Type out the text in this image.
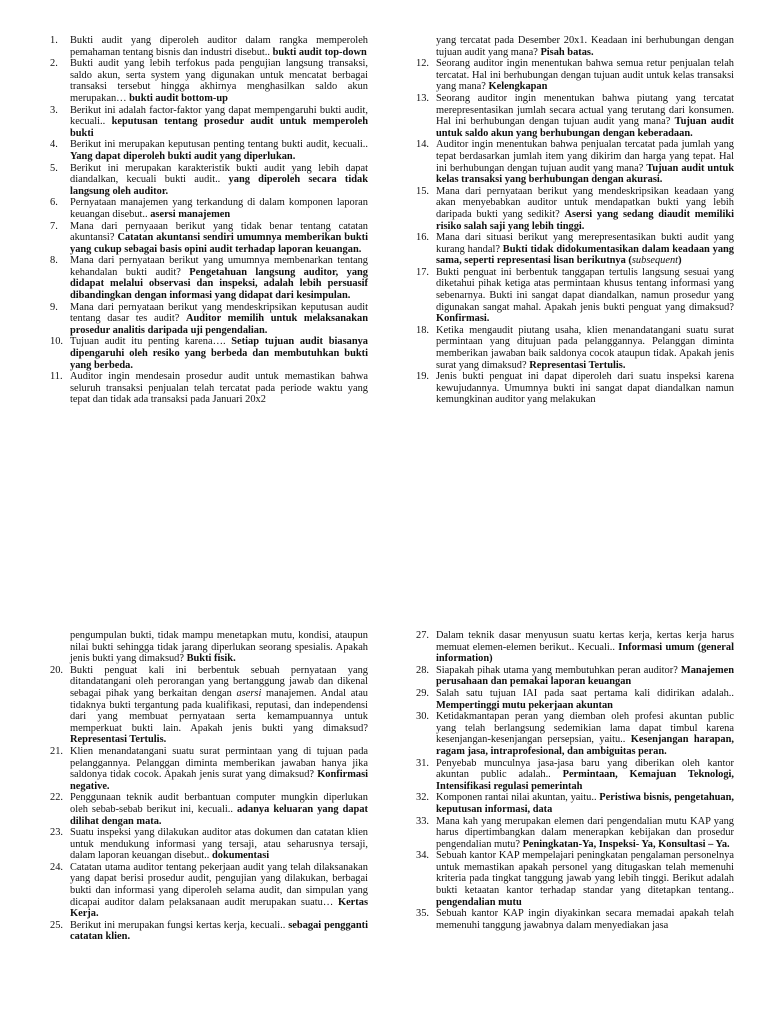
1.	Bukti audit yang diperoleh auditor dalam rangka memperoleh pemahaman tentang bisnis dan industri disebut.. bukti audit top-down

2.	Bukti audit yang lebih terfokus pada pengujian langsung transaksi, saldo akun, serta system yang digunakan untuk mencatat berbagai transaksi tersebut hingga akhirnya menghasilkan saldo akun merupakan… bukti audit bottom-up

3.	Berikut ini adalah factor-faktor yang dapat mempengaruhi bukti audit, kecuali.. keputusan tentang prosedur audit untuk memperoleh bukti

4.	Berikut ini merupakan keputusan penting tentang bukti audit, kecuali.. Yang dapat diperoleh bukti audit yang diperlukan.

5.	Berikut ini merupakan karakteristik bukti audit yang lebih dapat diandalkan, kecuali bukti audit.. yang diperoleh secara tidak langsung oleh auditor.

6.	Pernyataan manajemen yang terkandung di dalam komponen laporan keuangan disebut.. asersi manajemen

7.	Mana dari pernyaaan berikut yang tidak benar tentang catatan akuntansi? Catatan akuntansi sendiri umumnya memberikan bukti yang cukup sebagai basis opini audit terhadap laporan keuangan.

8.	Mana dari pernyataan berikut yang umumnya membenarkan tentang kehandalan bukti audit? Pengetahuan langsung auditor, yang didapat melalui observasi dan inspeksi, adalah lebih persuasif dibandingkan dengan informasi yang didapat dari kesimpulan.

9.	Mana dari pernyataan berikut yang mendeskripsikan keputusan audit tentang dasar tes audit? Auditor memilih untuk melaksanakan prosedur analitis daripada uji pengendalian.

10. Tujuan audit itu penting karena…. Setiap tujuan audit biasanya dipengaruhi oleh resiko yang berbeda dan membutuhkan bukti yang berbeda.

11. Auditor ingin mendesain prosedur audit untuk memastikan bahwa seluruh transaksi penjualan telah tercatat pada periode waktu yang tepat dan tidak ada transaksi pada Januari 20x2

yang tercatat pada Desember 20x1. Keadaan ini berhubungan dengan tujuan audit yang mana? Pisah batas.

12. Seorang auditor ingin menentukan bahwa semua retur penjualan telah tercatat. Hal ini berhubungan dengan tujuan audit untuk kelas transaksi yang mana? Kelengkapan

13. Seorang auditor ingin menentukan bahwa piutang yang tercatat merepresentasikan jumlah secara actual yang terutang dari konsumen. Hal ini berhubungan dengan tujuan audit yang mana? Tujuan audit untuk saldo akun yang berhubungan dengan keberadaan.

14. Auditor ingin menentukan bahwa penjualan tercatat pada jumlah yang tepat berdasarkan jumlah item yang dikirim dan harga yang tepat. Hal ini berhubungan dengan tujuan audit yang mana? Tujuan audit untuk kelas transaksi yang berhubungan dengan akurasi.

15. Mana dari pernyataan berikut yang mendeskripsikan keadaan yang akan menyebabkan auditor untuk mendapatkan bukti yang lebih daripada bukti yang sedikit? Asersi yang sedang diaudit memiliki risiko salah saji yang lebih tinggi.

16. Mana dari situasi berikut yang merepresentasikan bukti audit yang kurang handal? Bukti tidak didokumentasikan dalam keadaan yang sama, seperti representasi lisan berikutnya (subsequent)

17. Bukti penguat ini berbentuk tanggapan tertulis langsung sesuai yang diketahui pihak ketiga atas permintaan khusus tentang informasi yang sebenarnya. Bukti ini sangat dapat diandalkan, namun prosedur yang digunakan sangat mahal. Apakah jenis bukti penguat yang dimaksud? Konfirmasi.

18. Ketika mengaudit piutang usaha, klien menandatangani suatu surat permintaan yang ditujuan pada pelanggannya. Pelanggan diminta memberikan jawaban baik saldonya cocok ataupun tidak. Apakah jenis surat yang dimaksud? Representasi Tertulis.

19. Jenis bukti penguat ini dapat diperoleh dari suatu inspeksi karena kewujudannya. Umumnya bukti ini sangat dapat diandalkan namun kemungkinan auditor yang melakukan

pengumpulan bukti, tidak mampu menetapkan mutu, kondisi, ataupun nilai bukti sehingga tidak jarang diperlukan seorang spesialis. Apakah jenis bukti yang dimaksud? Bukti fisik.

20. Bukti penguat kali ini berbentuk sebuah pernyataan yang ditandatangani oleh perorangan yang bertanggung jawab dan dikenal sebagai pihak yang berkaitan dengan asersi manajemen. Andal atau tidaknya bukti tergantung pada kualifikasi, reputasi, dan independensi dari yang membuat pernyataan serta kemampuannya untuk memperkuat bukti lain. Apakah jenis bukti yang dimaksud? Representasi Tertulis.

21. Klien menandatangani suatu surat permintaan yang di tujuan pada pelanggannya. Pelanggan diminta memberikan jawaban hanya jika saldonya tidak cocok. Apakah jenis surat yang dimaksud? Konfirmasi negative.

22. Penggunaan teknik audit berbantuan computer mungkin diperlukan oleh sebab-sebab berikut ini, kecuali.. adanya keluaran yang dapat dilihat dengan mata.

23. Suatu inspeksi yang dilakukan auditor atas dokumen dan catatan klien untuk mendukung informasi yang tersaji, atau seharusnya tersaji, dalam laporan keuangan disebut.. dokumentasi

24. Catatan utama auditor tentang pekerjaan audit yang telah dilaksanakan yang dapat berisi prosedur audit, pengujian yang dilakukan, berbagai bukti dan informasi yang diperoleh selama audit, dan simpulan yang dicapai auditor dalam pelaksanaan audit merupakan suatu… Kertas Kerja.

25. Berikut ini merupakan fungsi kertas kerja, kecuali.. sebagai pengganti catatan klien.

27. Dalam teknik dasar menyusun suatu kertas kerja, kertas kerja harus memuat elemen-elemen berikut.. Kecuali.. Informasi umum (general information)

28. Siapakah pihak utama yang membutuhkan peran auditor? Manajemen perusahaan dan pemakai laporan keuangan

29. Salah satu tujuan IAI pada saat pertama kali didirikan adalah.. Mempertinggi mutu pekerjaan akuntan

30. Ketidakmantapan peran yang diemban oleh profesi akuntan public yang telah berlangsung sedemikian lama dapat timbul karena kesenjangan-kesenjangan persepsian, yaitu.. Kesenjangan harapan, ragam jasa, intraprofesional, dan ambiguitas peran.

31. Penyebab munculnya jasa-jasa baru yang diberikan oleh kantor akuntan public adalah.. Permintaan, Kemajuan Teknologi, Intensifikasi regulasi pemerintah

32. Komponen rantai nilai akuntan, yaitu.. Peristiwa bisnis, pengetahuan, keputusan informasi, data

33. Mana kah yang merupakan elemen dari pengendalian mutu KAP yang harus dipertimbangkan dalam menerapkan kebijakan dan prosedur pengendalian mutu? Peningkatan-Ya, Inspeksi- Ya, Konsultasi – Ya.

34. Sebuah kantor KAP mempelajari peningkatan pengalaman personelnya untuk memastikan apakah personel yang ditugaskan telah memenuhi kriteria pada tingkat tanggung jawab yang lebih tinggi. Berikut adalah bukti ketaatan kantor terhadap standar yang ditetapkan tentang.. pengendalian mutu

35. Sebuah kantor KAP ingin diyakinkan secara memadai apakah telah memenuhi tanggung jawabnya dalam menyediakan jasa
